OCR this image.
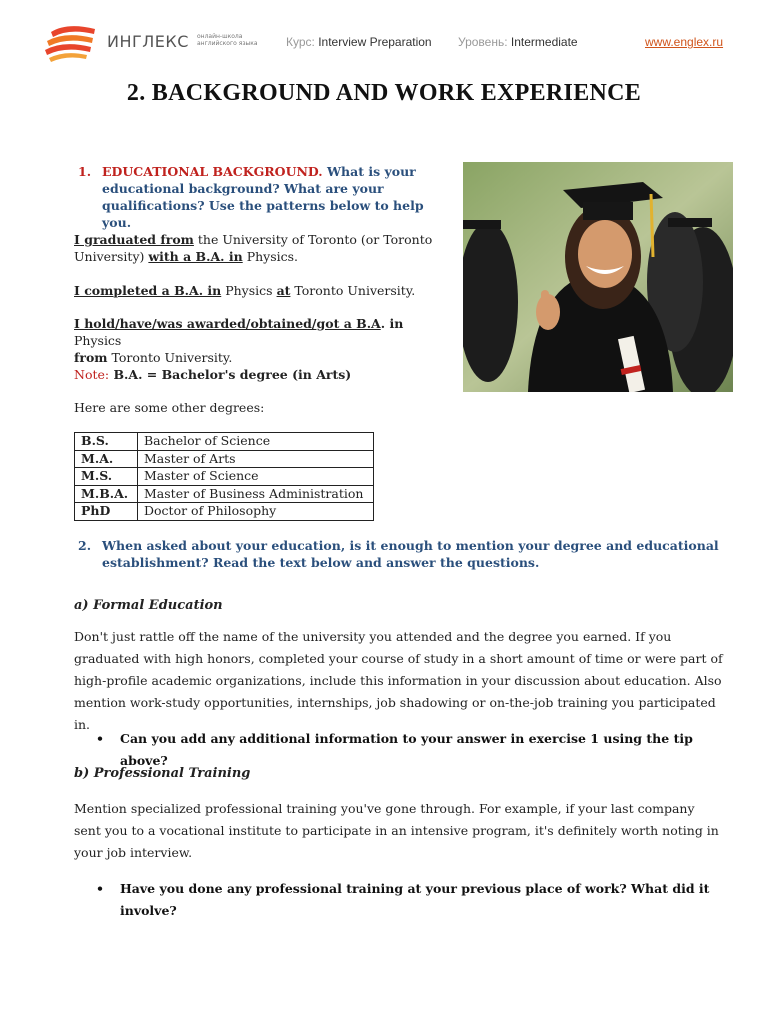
ИНГЛЕКС онлайн-школа английского языка Курс: Interview Preparation Уровень: Intermediate	www.englex.ru
2. BACKGROUND AND WORK EXPERIENCE
1. EDUCATIONAL BACKGROUND. What is your
educational background? What are your
qualifications? Use the patterns below to help you.
I graduated from the University of Toronto (or Toronto
University) with a B.A. in Physics.
I completed a B.A. in Physics at Toronto University.
I hold/have/was awarded/obtained/got a B.A. in Physics
from Toronto University.
Note: B.A. = Bachelor's degree (in Arts)
Here are some other degrees:
B.S.	Bachelor of Science
M.A.	Master of Arts
M.S.	Master of Science
M.B.A.	Master of Business Administration
PhD	Doctor of Philosophy
2. When asked about your education, is it enough to mention your degree and educational
establishment? Read the text below and answer the questions.
a) Formal Education
Don't just rattle off the name of the university you attended and the degree you earned. If you graduated with high honors, completed your course of study in a short amount of time or were part of high-profile academic organizations, include this information in your discussion about education. Also mention work-study opportunities, internships, job shadowing or on-the-job training you participated in.
• Can you add any additional information to your answer in exercise 1 using the tip above?
b) Professional Training
Mention specialized professional training you've gone through. For example, if your last company sent you to a vocational institute to participate in an intensive program, it's definitely worth noting in your job interview.
• Have you done any professional training at your previous place of work? What did it
involve?
